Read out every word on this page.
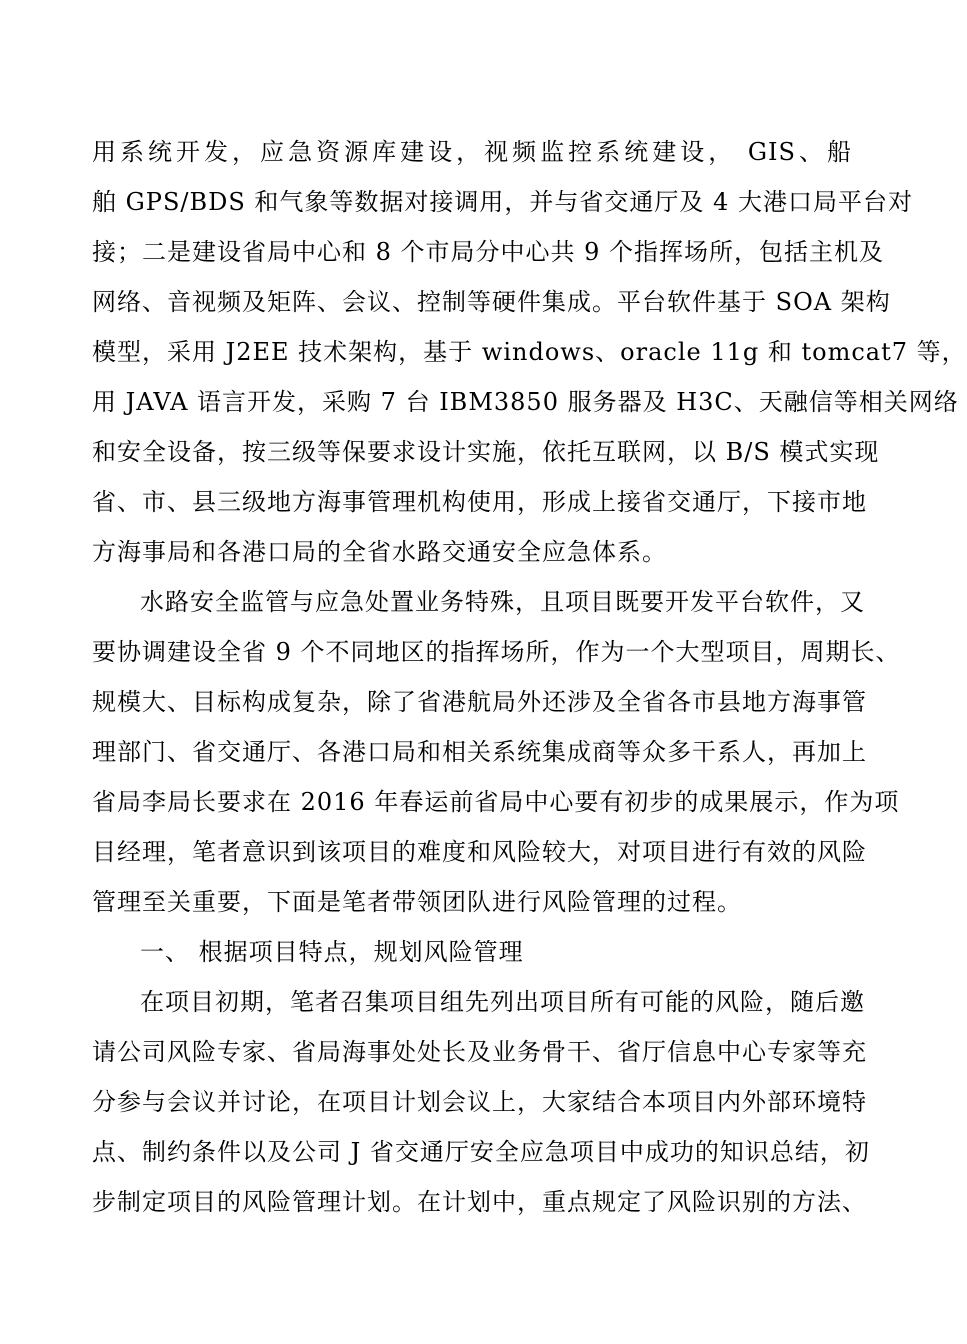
用系统开发，应急资源库建设，视频监控系统建设， GIS、船
舶 GPS/BDS 和气象等数据对接调用，并与省交通厅及 4 大港口局平台对
接；二是建设省局中心和 8 个市局分中心共 9 个指挥场所，包括主机及
网络、音视频及矩阵、会议、控制等硬件集成。平台软件基于 SOA 架构
模型，采用 J2EE 技术架构，基于 windows、oracle 11g 和 tomcat7 等，
用 JAVA 语言开发，采购 7 台 IBM3850 服务器及 H3C、天融信等相关网络
和安全设备，按三级等保要求设计实施，依托互联网，以 B/S 模式实现
省、市、县三级地方海事管理机构使用，形成上接省交通厅，下接市地
方海事局和各港口局的全省水路交通安全应急体系。
水路安全监管与应急处置业务特殊，且项目既要开发平台软件，又
要协调建设全省 9 个不同地区的指挥场所，作为一个大型项目，周期长、
规模大、目标构成复杂，除了省港航局外还涉及全省各市县地方海事管
理部门、省交通厅、各港口局和相关系统集成商等众多干系人，再加上
省局李局长要求在 2016 年春运前省局中心要有初步的成果展示，作为项
目经理，笔者意识到该项目的难度和风险较大，对项目进行有效的风险
管理至关重要，下面是笔者带领团队进行风险管理的过程。
一、 根据项目特点，规划风险管理
在项目初期，笔者召集项目组先列出项目所有可能的风险，随后邀
请公司风险专家、省局海事处处长及业务骨干、省厅信息中心专家等充
分参与会议并讨论，在项目计划会议上，大家结合本项目内外部环境特
点、制约条件以及公司 J 省交通厅安全应急项目中成功的知识总结，初
步制定项目的风险管理计划。在计划中，重点规定了风险识别的方法、
